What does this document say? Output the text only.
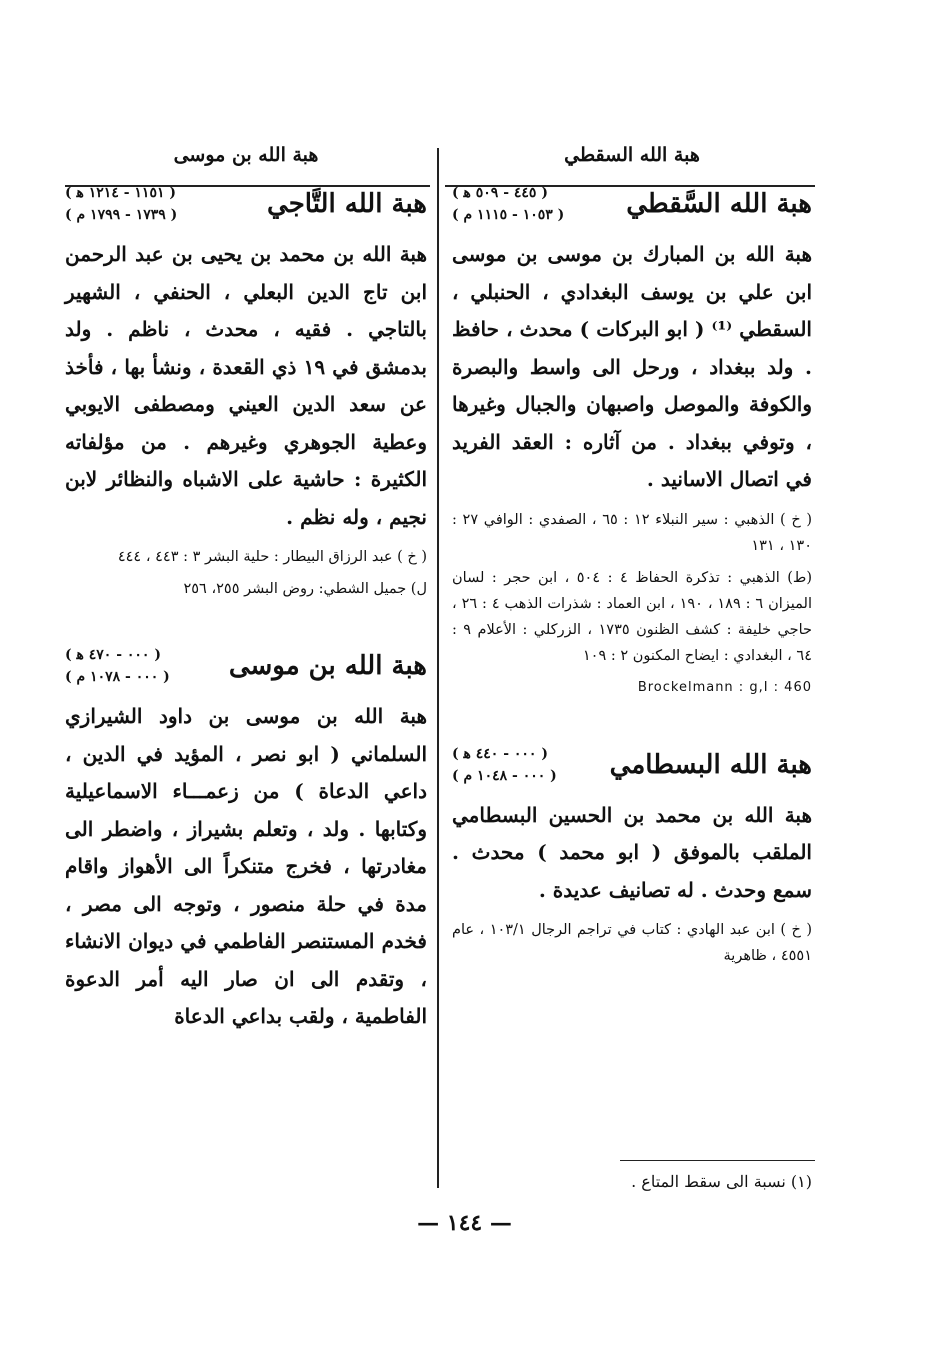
هبة الله السقطي
هبة الله السَّقطي
( ٤٤٥ - ٥٠٩ ﻫ )
( ١٠٥٣ - ١١١٥ م )
هبة الله بن المبارك بن موسى بن موسى ابن علي بن يوسف البغدادي ، الحنبلي ، السقطي ⁽¹⁾ ( ابو البركات ) محدث ، حافظ . ولد ببغداد ، ورحل الى واسط والبصرة والكوفة والموصل واصبهان والجبال وغيرها ، وتوفي ببغداد . من آثاره : العقد الفريد في اتصال الاسانيد .

( خ ) الذهبي : سير النبلاء ١٢ : ٦٥ ، الصفدي : الوافي ٢٧ : ١٣٠ ، ١٣١

(ط) الذهبي : تذكرة الحفاظ ٤ : ٥٠٤ ، ابن حجر : لسان الميزان ٦ : ١٨٩ ، ١٩٠ ، ابن العماد : شذرات الذهب ٤ : ٢٦ ، حاجي خليفة : كشف الظنون ١٧٣٥ ، الزركلي : الأعلام ٩ : ٦٤ ، البغدادي : ايضاح المكنون ٢ : ١٠٩

Brockelmann : g,I : 460

هبة الله البسطامي
( ٠٠٠ - ٤٤٠ ﻫ )
( ٠٠٠ - ١٠٤٨ م )
هبة الله بن محمد بن الحسين البسطامي الملقب بالموفق ( ابو محمد ) محدث . سمع وحدث . له تصانيف عديدة .

( خ ) ابن عبد الهادي : كتاب في تراجم الرجال ١٠٣/١ ، عام ٤٥٥١ ، ظاهرية

هبة الله بن موسى
هبة الله التَّاجي
( ١١٥١ - ١٢١٤ ﻫ )
( ١٧٣٩ - ١٧٩٩ م )
هبة الله بن محمد بن يحيى بن عبد الرحمن ابن تاج الدين البعلي ، الحنفي ، الشهير بالتاجي . فقيه ، محدث ، ناظم . ولد بدمشق في ١٩ ذي القعدة ، ونشأ بها ، فأخذ عن سعد الدين العيني ومصطفى الايوبي وعطية الجوهري وغيرهم . من مؤلفاته الكثيرة : حاشية على الاشباه والنظائر لابن نجيم ، وله نظم .

( خ ) عبد الرزاق البيطار : حلية البشر ٣ : ٤٤٣ ، ٤٤٤

ل) جميل الشطي: روض البشر ٢٥٥، ٢٥٦

هبة الله بن موسى
( ٠٠٠ - ٤٧٠ ﻫ )
( ٠٠٠ - ١٠٧٨ م )
هبة الله بن موسى بن داود الشيرازي السلماني ( ابو نصر ، المؤيد في الدين ، داعي الدعاة ) من زعمـــاء الاسماعيلية وكتابها . ولد ، وتعلم بشيراز ، واضطر الى مغادرتها ، فخرج متنكراً الى الأهواز واقام مدة في حلة منصور ، وتوجه الى مصر ، فخدم المستنصر الفاطمي في ديوان الانشاء ، وتقدم الى ان صار اليه أمر الدعوة الفاطمية ، ولقب بداعي الدعاة
(١) نسبة الى سقط المتاع .
— ١٤٤ —
